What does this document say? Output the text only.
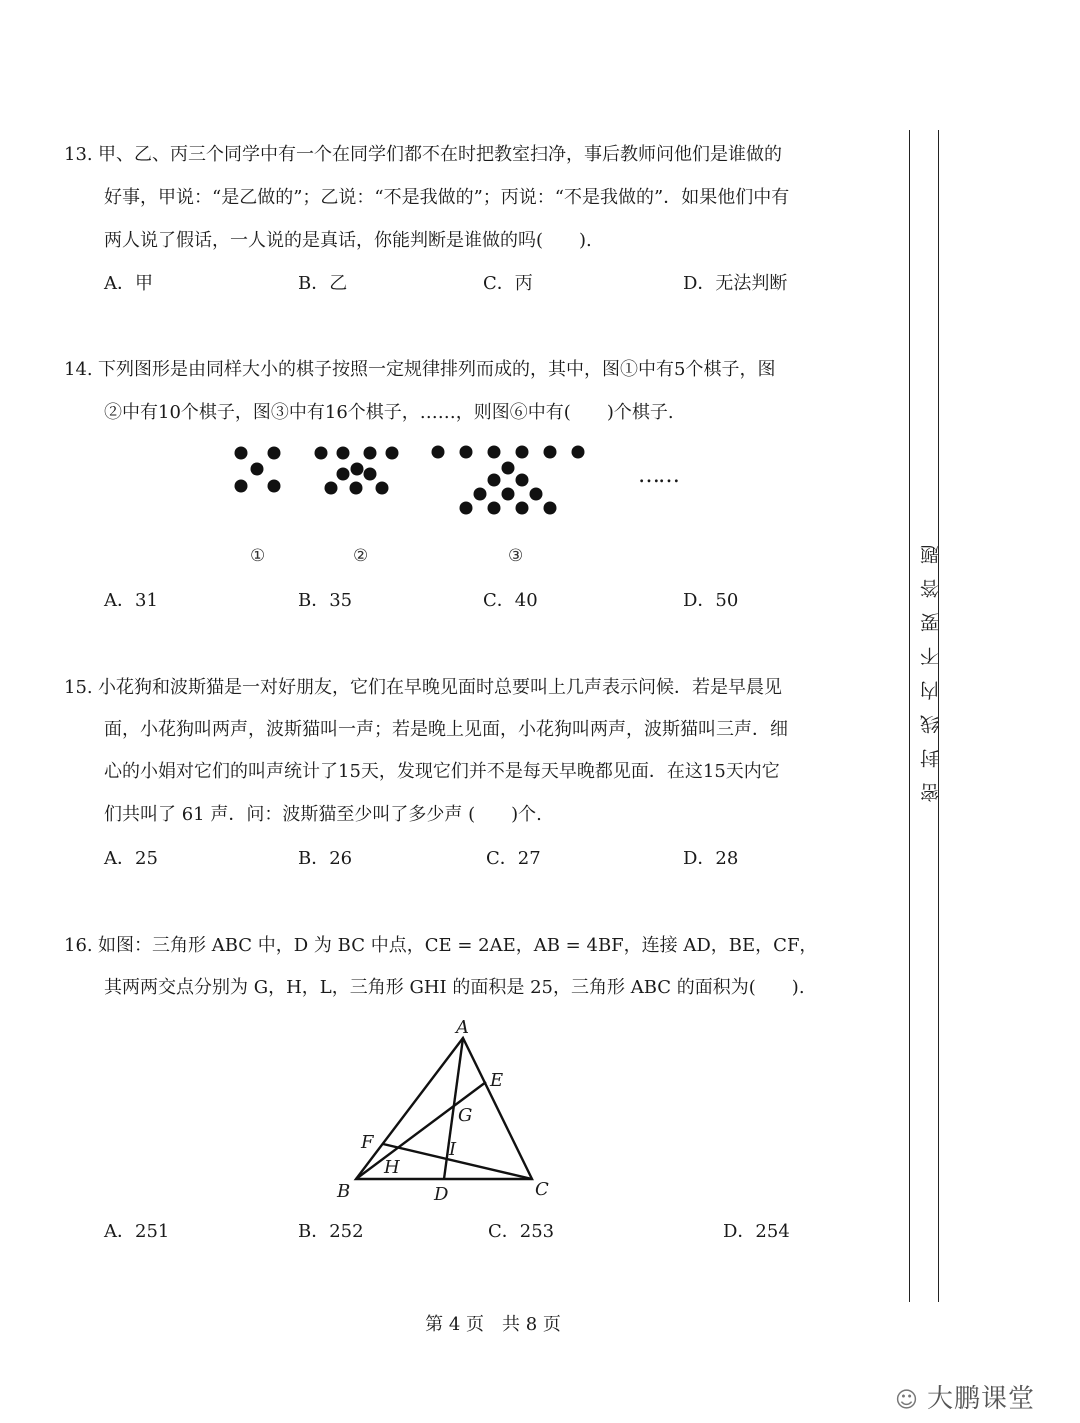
密封线内不要答题
13. 甲、乙、丙三个同学中有一个在同学们都不在时把教室扫净，事后教师问他们是谁做的
好事，甲说：“是乙做的”；乙说：“不是我做的”；丙说：“不是我做的”．如果他们中有
两人说了假话，一人说的是真话，你能判断是谁做的吗(　　).
A．甲	B．乙	C．丙	D．无法判断
14. 下列图形是由同样大小的棋子按照一定规律排列而成的，其中，图①中有5个棋子，图
②中有10个棋子，图③中有16个棋子，……，则图⑥中有(　　)个棋子.
……
①	②	③
A．31	B．35	C．40	D．50
15. 小花狗和波斯猫是一对好朋友，它们在早晚见面时总要叫上几声表示问候．若是早晨见
面，小花狗叫两声，波斯猫叫一声；若是晚上见面，小花狗叫两声，波斯猫叫三声．细
心的小娟对它们的叫声统计了15天，发现它们并不是每天早晚都见面．在这15天内它
们共叫了 61 声．问：波斯猫至少叫了多少声 (　　)个.
A．25	B．26	C．27	D．28
16. 如图：三角形 ABC 中，D 为 BC 中点，CE = 2AE，AB = 4BF，连接 AD，BE，CF，
其两两交点分别为 G，H，L，三角形 GHI 的面积是 25，三角形 ABC 的面积为(　　).
A
B	C
D
E
F
G
H
I
A．251	B．252	C．253	D．254
第 4 页　共 8 页
☺ 大鹏课堂
